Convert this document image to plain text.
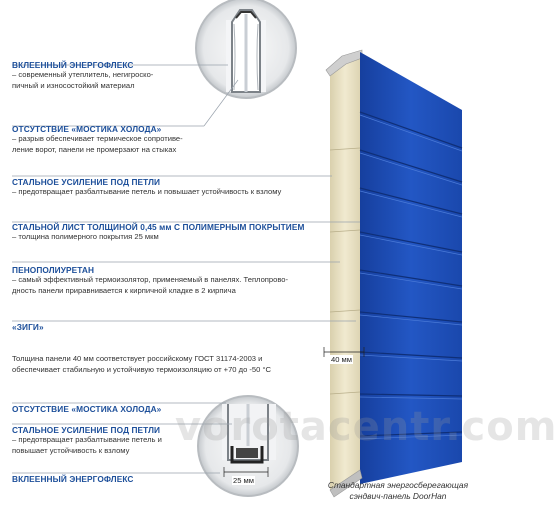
vorotacentr.com
ВКЛЕЕННЫЙ ЭНЕРГОФЛЕКС
– современный утеплитель, негигроско-
пичный и износостойкий материал
ОТСУТСТВИЕ «МОСТИКА ХОЛОДА»
– разрыв обеспечивает термическое сопротиве-
ление ворот, панели не промерзают на стыках
СТАЛЬНОЕ УСИЛЕНИЕ ПОД ПЕТЛИ
– предотвращает разбалтывание петель и повышает устойчивость к взлому
СТАЛЬНОЙ ЛИСТ ТОЛЩИНОЙ 0,45 мм С ПОЛИМЕРНЫМ ПОКРЫТИЕМ
– толщина полимерного покрытия 25 мкм
ПЕНОПОЛИУРЕТАН
– самый эффективный термоизолятор, применяемый в панелях. Теплопрово-
дность панели приравнивается к кирпичной кладке в 2 кирпича
«ЗИГИ»
Толщина панели 40 мм соответствует российскому ГОСТ 31174-2003 и
обеспечивает стабильную и устойчивую термоизоляцию от +70 до -50 °С
ОТСУТСТВИЕ «МОСТИКА ХОЛОДА»
СТАЛЬНОЕ УСИЛЕНИЕ ПОД ПЕТЛИ
– предотвращает разбалтывание петель и
повышает устойчивость к взлому
ВКЛЕЕННЫЙ ЭНЕРГОФЛЕКС
40 мм
25 мм	Стандартная энергосберегающая
сэндвич-панель DoorHan
